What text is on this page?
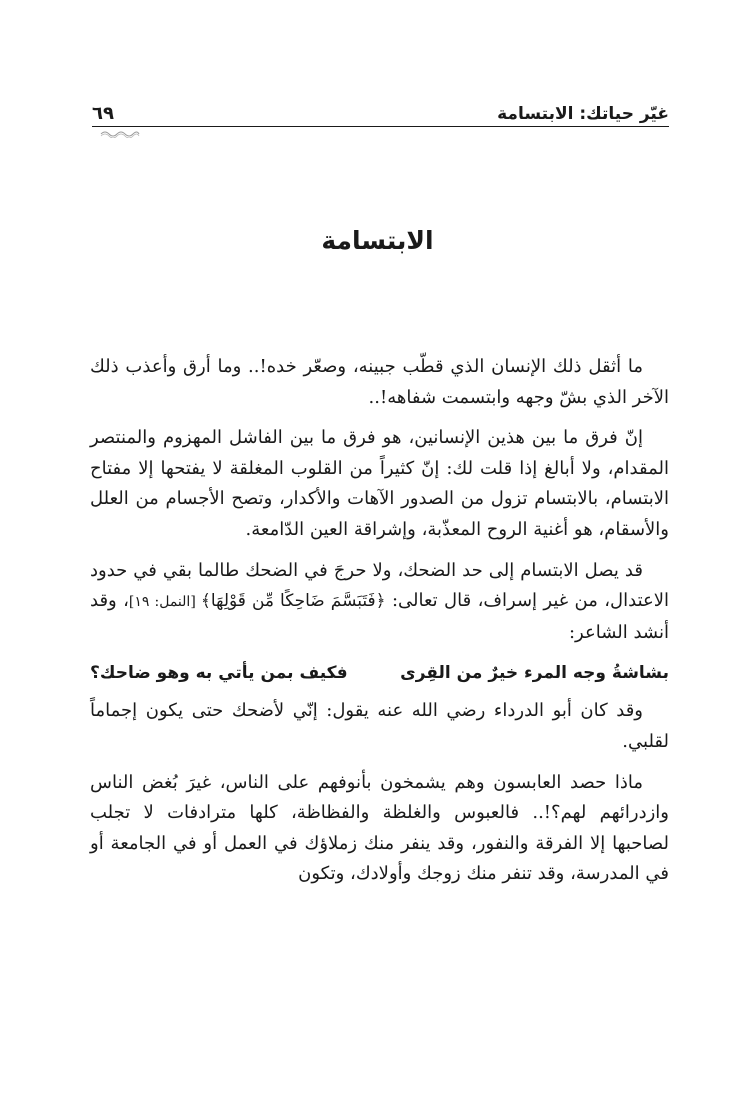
غيّر حياتك: الابتسامة
٦٩
الابتسامة

ما أثقل ذلك الإنسان الذي قطّب جبينه، وصعّر خده!.. وما أرق وأعذب ذلك الآخر الذي بشّ وجهه وابتسمت شفاهه!..

إنّ فرق ما بين هذين الإنسانين، هو فرق ما بين الفاشل المهزوم والمنتصر المقدام، ولا أبالغ إذا قلت لك: إنّ كثيراً من القلوب المغلقة لا يفتحها إلا مفتاح الابتسام، بالابتسام تزول من الصدور الآهات والأكدار، وتصح الأجسام من العلل والأسقام، هو أغنية الروح المعذّبة، وإشراقة العين الدّامعة.

قد يصل الابتسام إلى حد الضحك، ولا حرجَ في الضحك طالما بقي في حدود الاعتدال، من غير إسراف، قال تعالى: ﴿فَتَبَسَّمَ ضَاحِكًا مِّن قَوْلِهَا﴾ [النمل: ١٩]، وقد أنشد الشاعر:

بشاشةُ وجه المرء خيرٌ من القِرى
فكيف بمن يأتي به وهو ضاحك؟

وقد كان أبو الدرداء رضي الله عنه يقول: إنّي لأضحك حتى يكون إجماماً لقلبي.

ماذا حصد العابسون وهم يشمخون بأنوفهم على الناس، غيرَ بُغض الناس وازدرائهم لهم؟!.. فالعبوس والغلظة والفظاظة، كلها مترادفات لا تجلب لصاحبها إلا الفرقة والنفور، وقد ينفر منك زملاؤك في العمل أو في الجامعة أو في المدرسة، وقد تنفر منك زوجك وأولادك، وتكون
